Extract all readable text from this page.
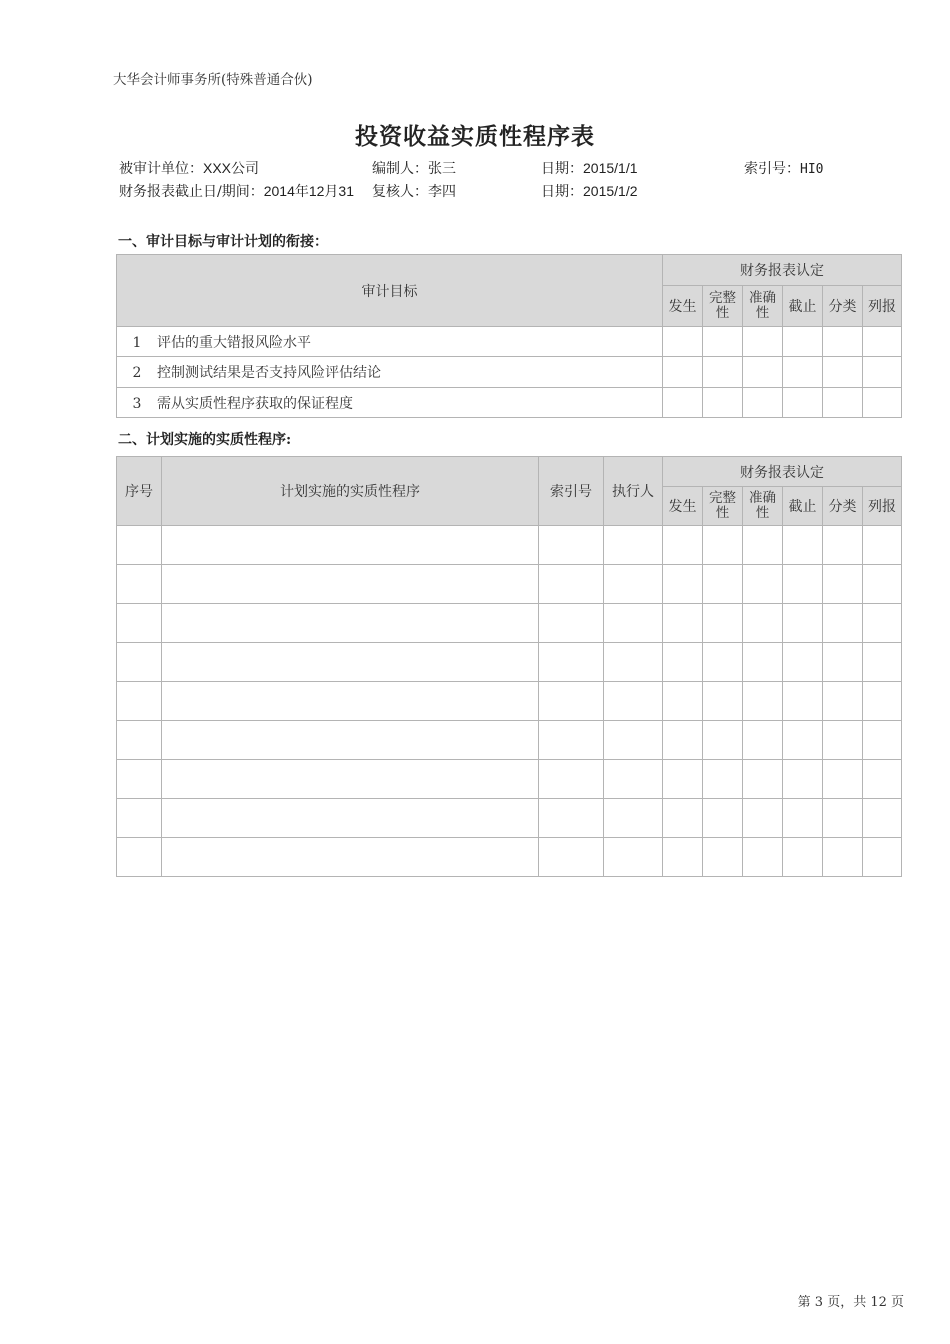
大华会计师事务所(特殊普通合伙)
投资收益实质性程序表
被审计单位：XXX公司	编制人：张三	日期：2015/1/1	索引号：HI0
财务报表截止日/期间：2014年12月31 复核人：李四	日期：2015/1/2
一、审计目标与审计计划的衔接：
审计目标	财务报表认定					
	发生	完整性	准确性	截止	分类	列报
1 评估的重大错报风险水平						
2 控制测试结果是否支持风险评估结论						
3 需从实质性程序获取的保证程度						
二、计划实施的实质性程序:
序号	计划实施的实质性程序	索引号	执行人	财务报表认定					
				发生	完整性	准确性	截止	分类	列报

第 3 页，共 12 页
